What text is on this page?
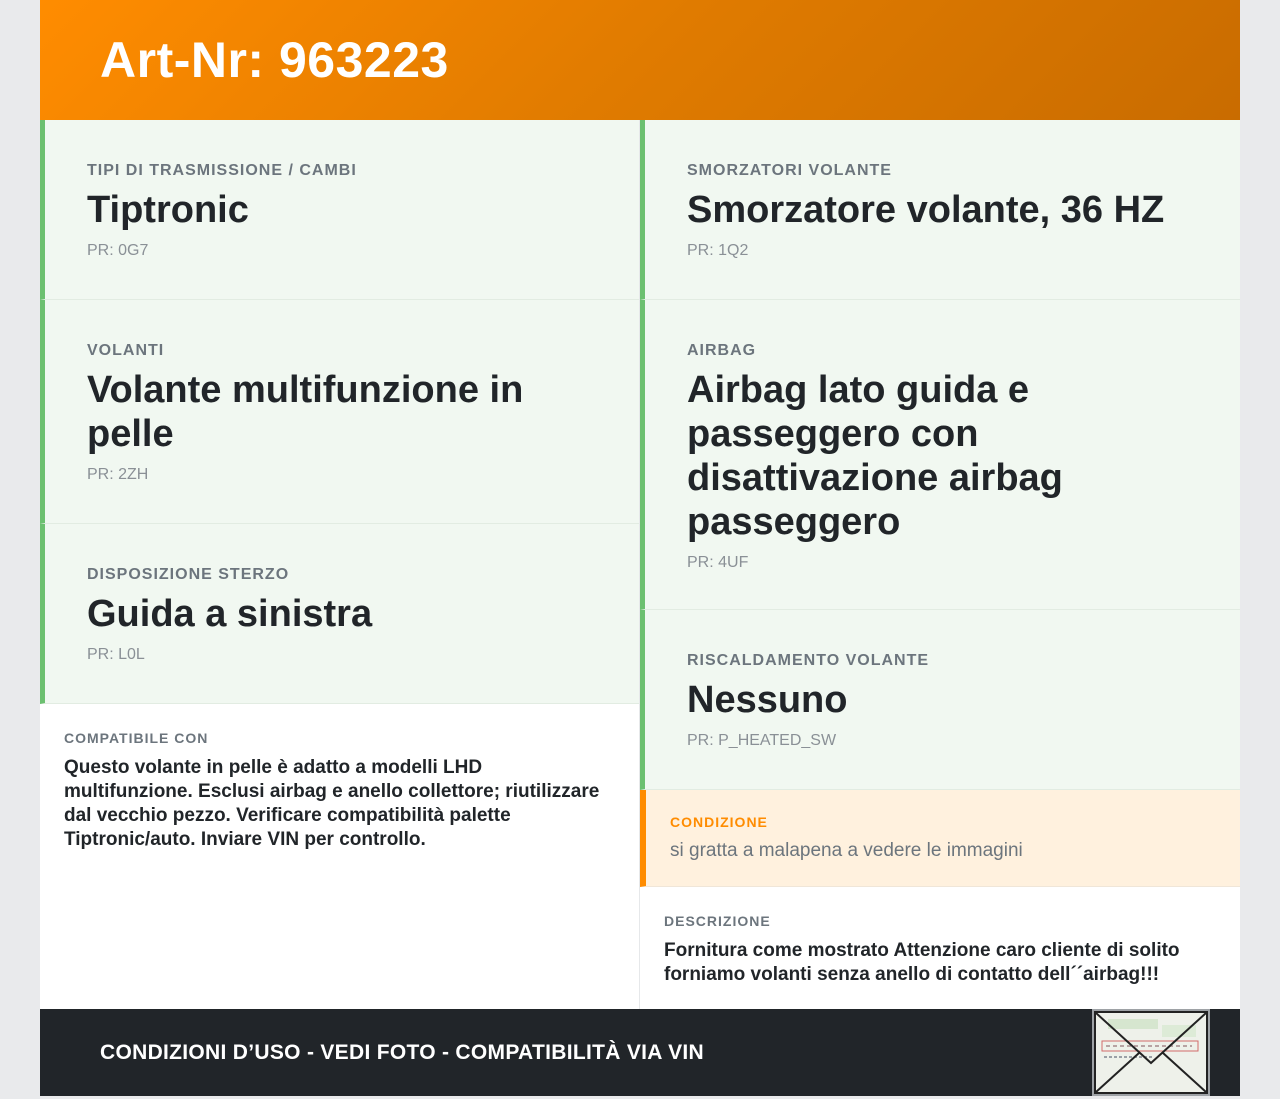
Art-Nr: 963223
TIPI DI TRASMISSIONE / CAMBI
Tiptronic
PR: 0G7
VOLANTI
Volante multifunzione in pelle
PR: 2ZH
DISPOSIZIONE STERZO
Guida a sinistra
PR: L0L
COMPATIBILE CON
Questo volante in pelle è adatto a modelli LHD multifunzione. Esclusi airbag e anello collettore; riutilizzare dal vecchio pezzo. Verificare compatibilità palette Tiptronic/auto. Inviare VIN per controllo.
SMORZATORI VOLANTE
Smorzatore volante, 36 HZ
PR: 1Q2
AIRBAG
Airbag lato guida e passeggero con disattivazione airbag passeggero
PR: 4UF
RISCALDAMENTO VOLANTE
Nessuno
PR: P_HEATED_SW
CONDIZIONE
si gratta a malapena a vedere le immagini
DESCRIZIONE
Fornitura come mostrato Attenzione caro cliente di solito forniamo volanti senza anello di contatto dell´´airbag!!!
CONDIZIONI D’USO - VEDI FOTO - COMPATIBILITÀ VIA VIN
